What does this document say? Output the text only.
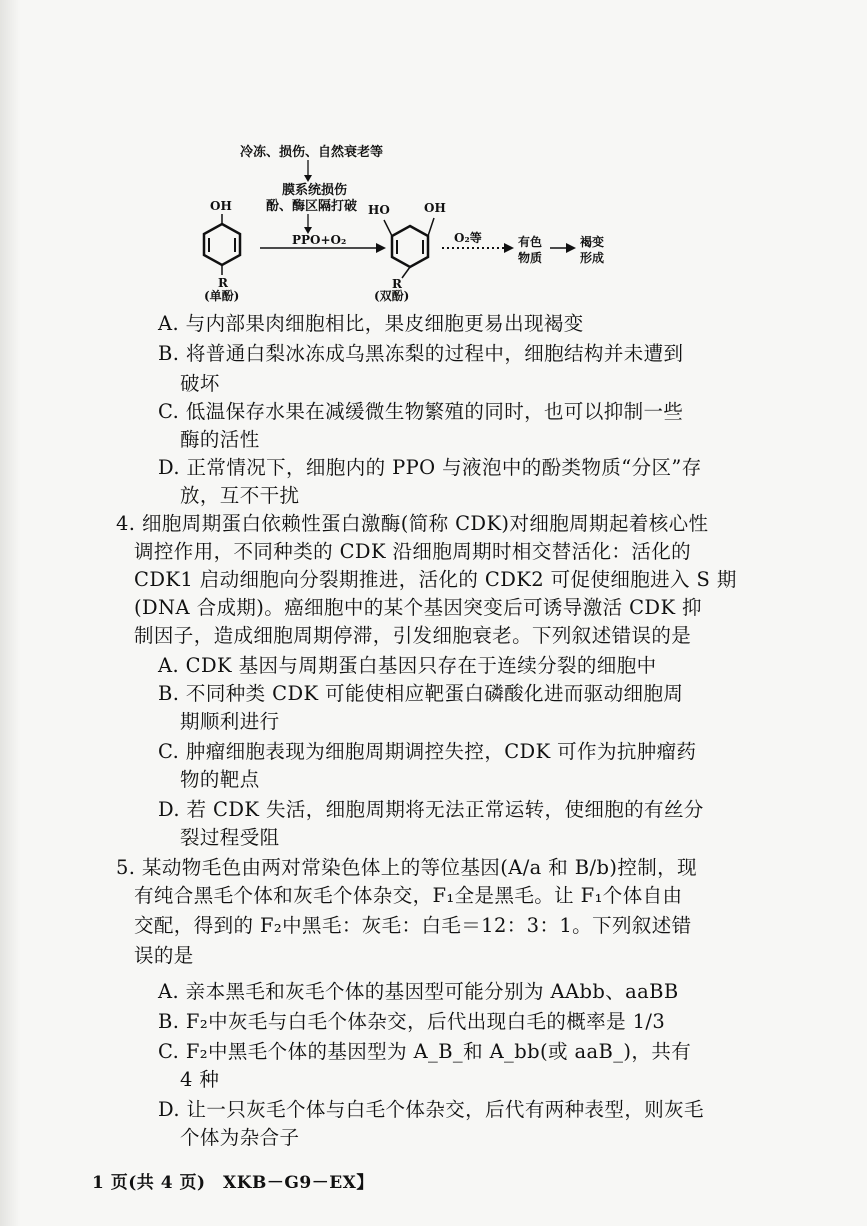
冷冻、损伤、自然衰老等
膜系统损伤
酚、酶区隔打破
OH
R
(单酚)
PPO+O₂
HO	OH
R
(双酚)
O₂等	有色
物质
褐变
形成
A. 与内部果肉细胞相比，果皮细胞更易出现褐变
B. 将普通白梨冰冻成乌黑冻梨的过程中，细胞结构并未遭到
破坏
C. 低温保存水果在减缓微生物繁殖的同时，也可以抑制一些
酶的活性
D. 正常情况下，细胞内的 PPO 与液泡中的酚类物质“分区”存
放，互不干扰
4. 细胞周期蛋白依赖性蛋白激酶(简称 CDK)对细胞周期起着核心性
调控作用，不同种类的 CDK 沿细胞周期时相交替活化：活化的
CDK1 启动细胞向分裂期推进，活化的 CDK2 可促使细胞进入 S 期
(DNA 合成期)。癌细胞中的某个基因突变后可诱导激活 CDK 抑
制因子，造成细胞周期停滞，引发细胞衰老。下列叙述错误的是
A. CDK 基因与周期蛋白基因只存在于连续分裂的细胞中
B. 不同种类 CDK 可能使相应靶蛋白磷酸化进而驱动细胞周
期顺利进行
C. 肿瘤细胞表现为细胞周期调控失控，CDK 可作为抗肿瘤药
物的靶点
D. 若 CDK 失活，细胞周期将无法正常运转，使细胞的有丝分
裂过程受阻
5. 某动物毛色由两对常染色体上的等位基因(A/a 和 B/b)控制，现
有纯合黑毛个体和灰毛个体杂交，F₁全是黑毛。让 F₁个体自由
交配，得到的 F₂中黑毛：灰毛：白毛＝12：3：1。下列叙述错
误的是
A. 亲本黑毛和灰毛个体的基因型可能分别为 AAbb、aaBB
B. F₂中灰毛与白毛个体杂交，后代出现白毛的概率是 1/3
C. F₂中黑毛个体的基因型为 A_B_和 A_bb(或 aaB_)，共有
4 种
D. 让一只灰毛个体与白毛个体杂交，后代有两种表型，则灰毛
个体为杂合子
1 页(共 4 页)　XKB－G9－EX】
